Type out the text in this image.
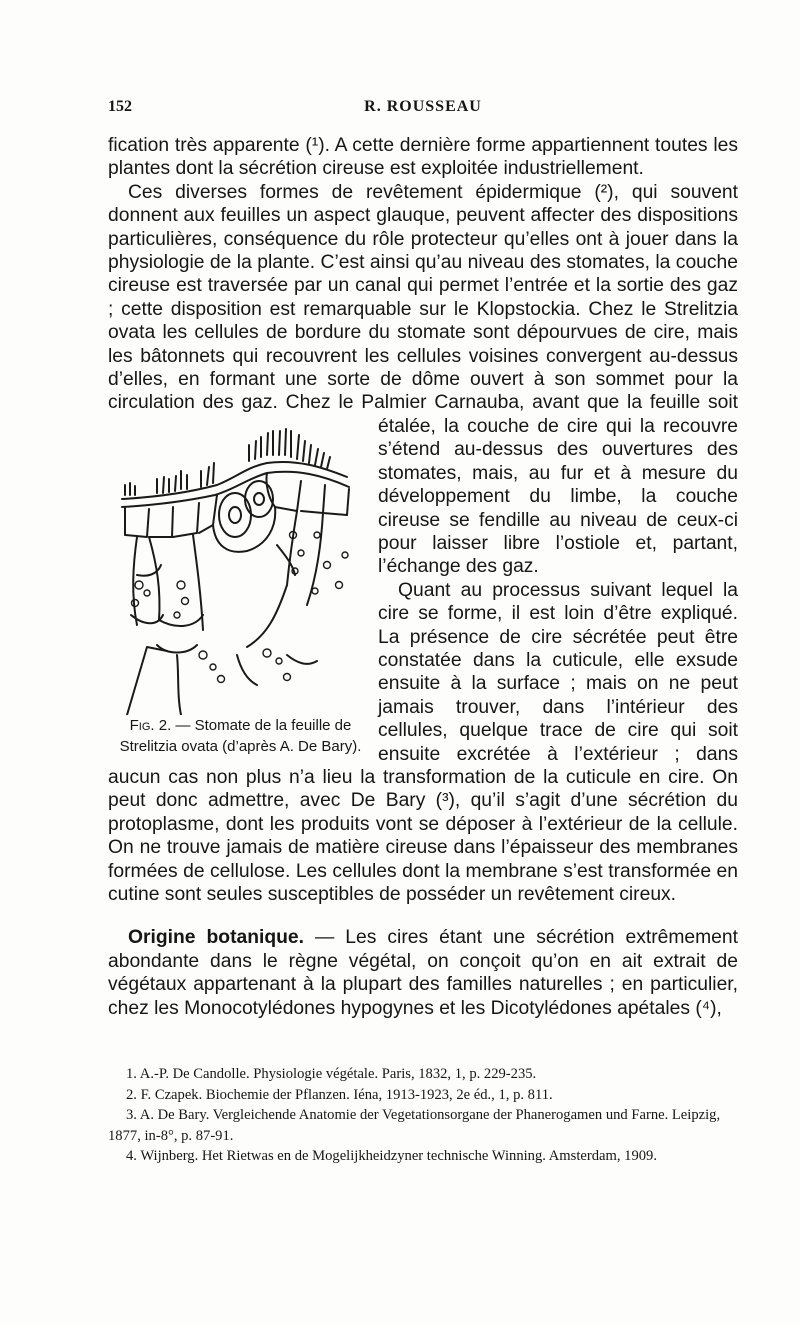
152	R. ROUSSEAU

fication très apparente (¹). A cette dernière forme appartiennent toutes les plantes dont la sécrétion cireuse est exploitée industriellement.

Ces diverses formes de revêtement épidermique (²), qui souvent donnent aux feuilles un aspect glauque, peuvent affecter des dispositions particulières, conséquence du rôle protecteur qu’elles ont à jouer dans la physiologie de la plante. C’est ainsi qu’au niveau des stomates, la couche cireuse est traversée par un canal qui permet l’entrée et la sortie des gaz ; cette disposition est remarquable sur le Klopstockia. Chez le Strelitzia ovata les cellules de bordure du stomate sont dépourvues de cire, mais les bâtonnets qui recouvrent les cellules voisines convergent au-dessus d’elles, en formant une sorte de dôme ouvert à son sommet pour la circulation des gaz. Chez le Palmier Carnauba, avant que la feuille soit
étalée, la couche de cire qui la recouvre s’étend au-dessus des ouvertures des stomates, mais, au fur et à mesure du développement du limbe, la couche cireuse se fendille au niveau de ceux-ci pour laisser libre l’ostiole et, partant, l’échange des gaz.

Quant au processus suivant lequel la cire se forme, il est loin d’être expliqué. La présence de cire sécrétée peut être constatée dans la cuticule, elle exsude ensuite à la surface ; mais on ne peut jamais trouver, dans l’intérieur des cellules, quelque trace de cire qui soit ensuite excrétée à l’extérieur ; dans aucun cas non plus n’a lieu la transformation de la cuticule en cire. On peut donc admettre, avec De Bary (³), qu’il s’agit d’une sécrétion du protoplasme, dont les produits vont se déposer à l’extérieur de la cellule. On ne trouve jamais de matière cireuse dans l’épaisseur des membranes formées de cellulose. Les cellules dont la membrane s’est transformée en cutine sont seules susceptibles de posséder un revêtement cireux.

Origine botanique. — Les cires étant une sécrétion extrêmement abondante dans le règne végétal, on conçoit qu’on en ait extrait de végétaux appartenant à la plupart des familles naturelles ; en particulier, chez les Monocotylédones hypogynes et les Dicotylédones apétales (⁴),

Fig. 2. — Stomate de la feuille de Strelitzia ovata (d’après A. De Bary).

1. A.-P. De Candolle. Physiologie végétale. Paris, 1832, 1, p. 229-235.

2. F. Czapek. Biochemie der Pflanzen. Iéna, 1913-1923, 2e éd., 1, p. 811.

3. A. De Bary. Vergleichende Anatomie der Vegetationsorgane der Phanerogamen und Farne. Leipzig, 1877, in-8°, p. 87-91.

4. Wijnberg. Het Rietwas en de Mogelijkheidzyner technische Winning. Amsterdam, 1909.
